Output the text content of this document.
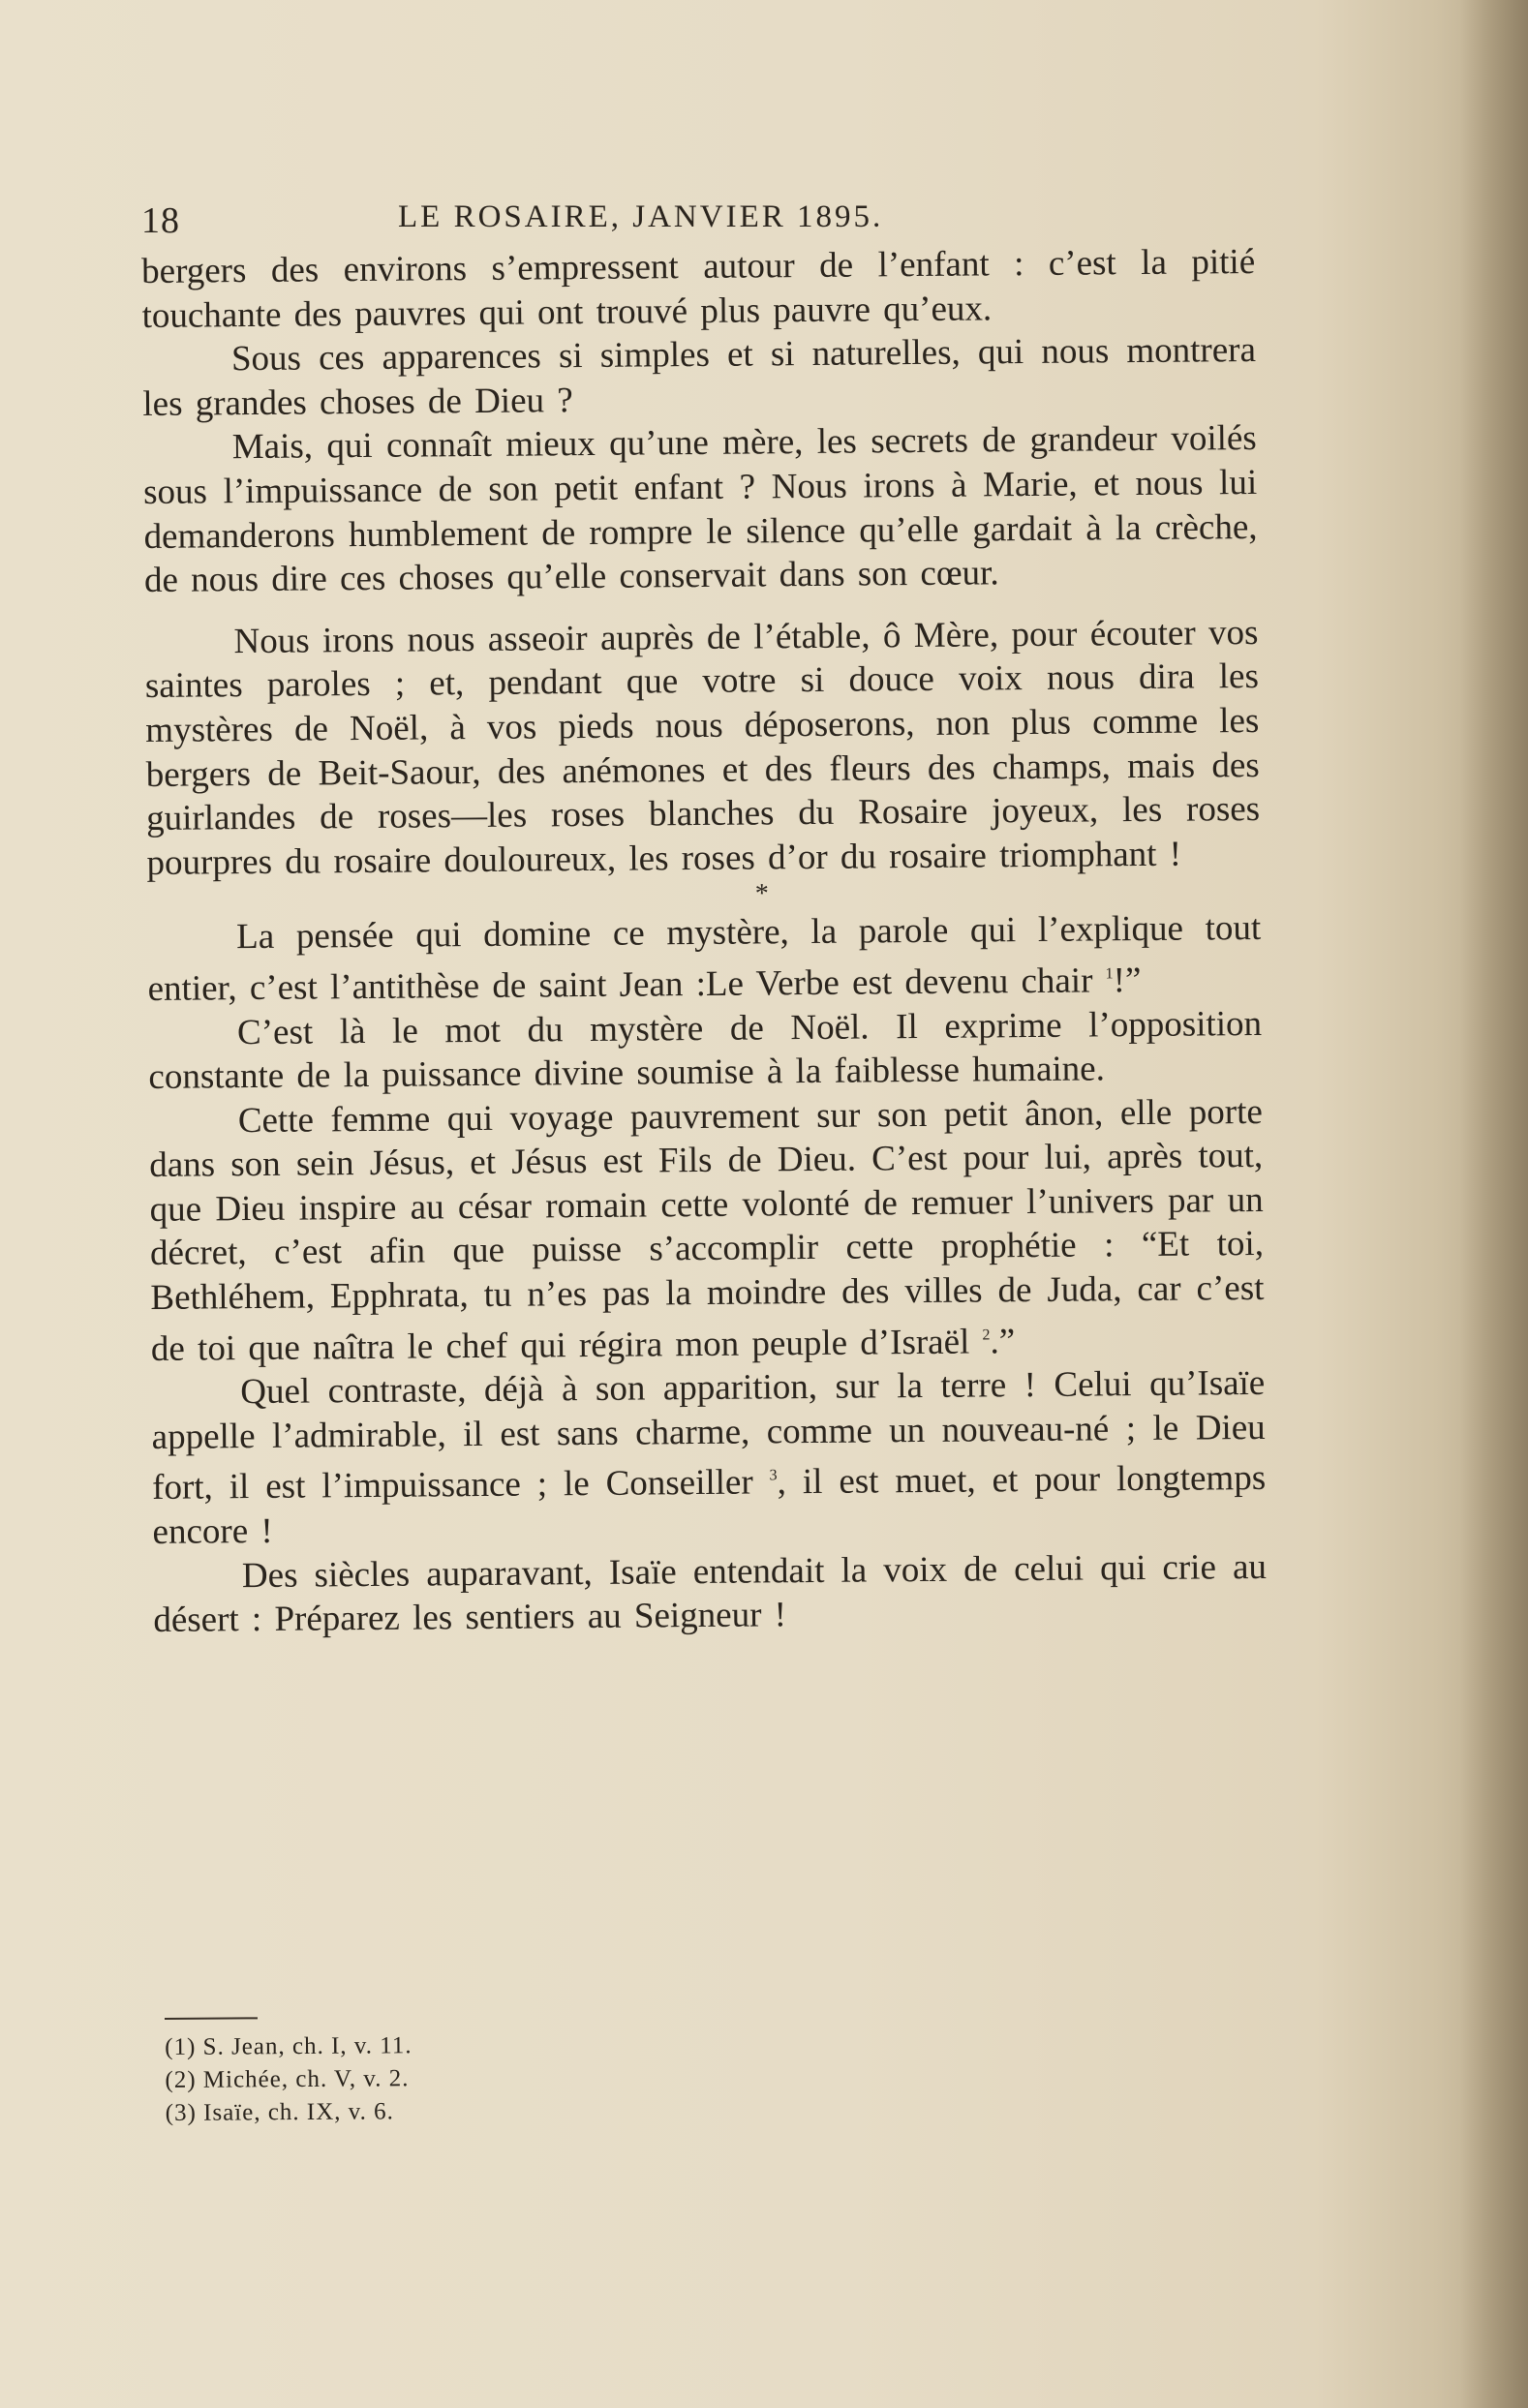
18	LE ROSAIRE, JANVIER 1895.

bergers des environs s’empressent autour de l’enfant : c’est la pitié touchante des pauvres qui ont trouvé plus pauvre qu’eux.

Sous ces apparences si simples et si naturelles, qui nous montrera les grandes choses de Dieu ?

Mais, qui connaît mieux qu’une mère, les secrets de grandeur voilés sous l’impuissance de son petit enfant ? Nous irons à Marie, et nous lui demanderons humblement de rompre le silence qu’elle gardait à la crèche, de nous dire ces choses qu’elle conservait dans son cœur.

Nous irons nous asseoir auprès de l’étable, ô Mère, pour écouter vos saintes paroles ; et, pendant que votre si douce voix nous dira les mystères de Noël, à vos pieds nous déposerons, non plus comme les bergers de Beit-Saour, des anémones et des fleurs des champs, mais des guirlandes de roses—les roses blanches du Rosaire joyeux, les roses pourpres du rosaire douloureux, les roses d’or du rosaire triomphant !

*

La pensée qui domine ce mystère, la parole qui l’explique tout entier, c’est l’antithèse de saint Jean :Le Verbe est devenu chair $^1$!”

C’est là le mot du mystère de Noël. Il exprime l’opposition constante de la puissance divine soumise à la faiblesse humaine.

Cette femme qui voyage pauvrement sur son petit ânon, elle porte dans son sein Jésus, et Jésus est Fils de Dieu. C’est pour lui, après tout, que Dieu inspire au césar romain cette volonté de remuer l’univers par un décret, c’est afin que puisse s’accomplir cette prophétie : “Et toi, Bethléhem, Epphrata, tu n’es pas la moindre des villes de Juda, car c’est de toi que naîtra le chef qui régira mon peuple d’Israël $^2$.”

Quel contraste, déjà à son apparition, sur la terre ! Celui qu’Isaïe appelle l’admirable, il est sans charme, comme un nouveau-né ; le Dieu fort, il est l’impuissance ; le Conseiller $^3$, il est muet, et pour longtemps encore !

Des siècles auparavant, Isaïe entendait la voix de celui qui crie au désert : Préparez les sentiers au Seigneur !

(1) S. Jean, ch. I, v. 11.

(2) Michée, ch. V, v. 2.

(3) Isaïe, ch. IX, v. 6.
